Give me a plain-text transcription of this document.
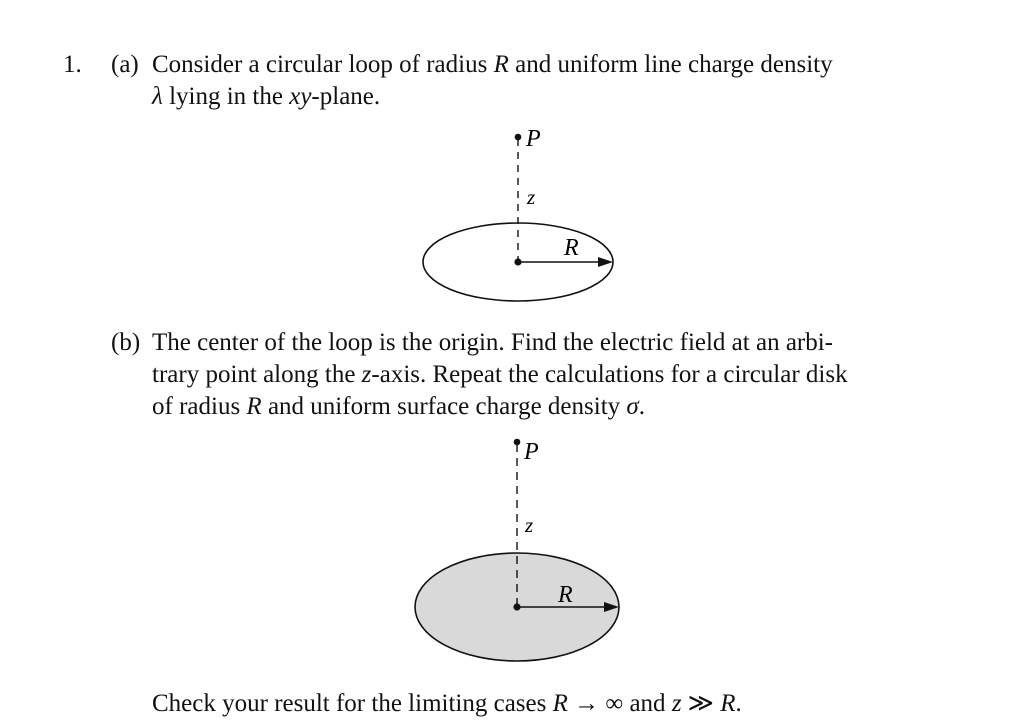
1. (a) Consider a circular loop of radius R and uniform line charge density
λ lying in the xy-plane.
P
z
R
(b) The center of the loop is the origin. Find the electric field at an arbi-
trary point along the z-axis. Repeat the calculations for a circular disk
of radius R and uniform surface charge density σ.
P
z
R
Check your result for the limiting cases R → ∞ and z ≫ R.
